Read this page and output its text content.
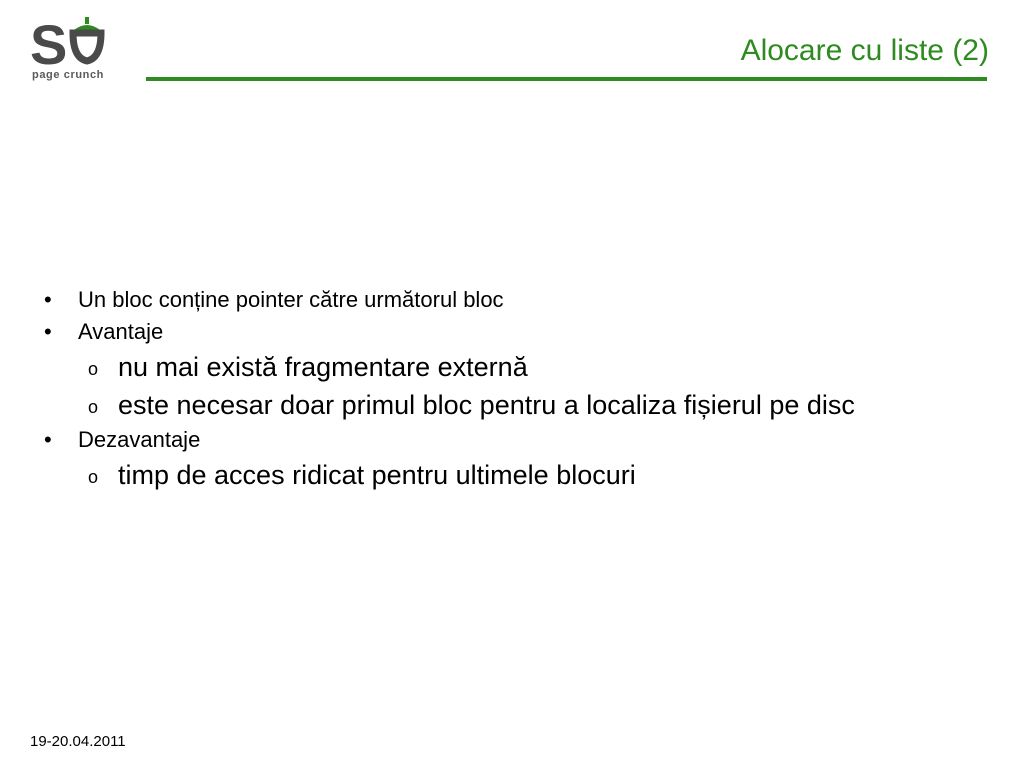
S
page crunch
Alocare cu liste (2)
• Un bloc conține pointer către următorul bloc
• Avantaje
o nu mai există fragmentare externă
o este necesar doar primul bloc pentru a localiza fișierul pe disc
• Dezavantaje
o timp de acces ridicat pentru ultimele blocuri
19-20.04.2011
